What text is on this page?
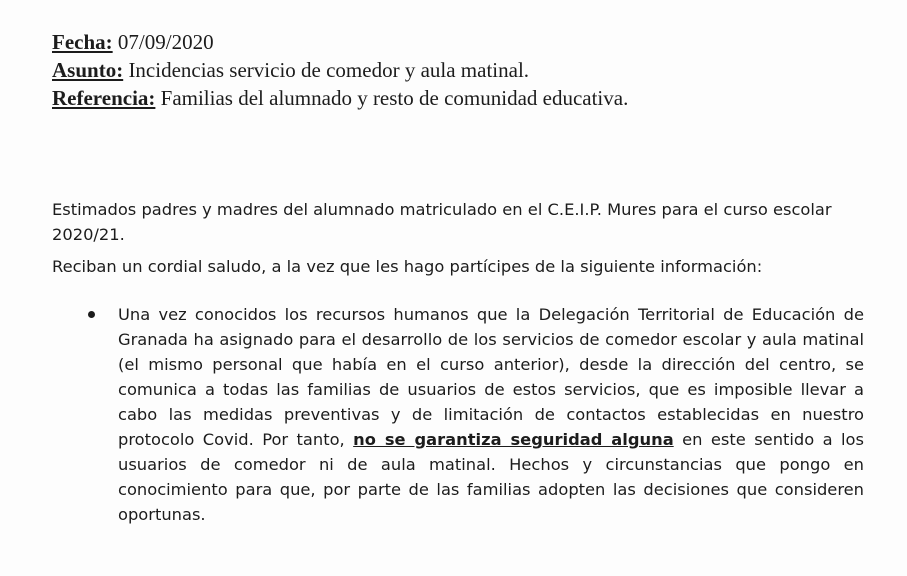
Fecha: 07/09/2020
Asunto: Incidencias servicio de comedor y aula matinal.
Referencia: Familias del alumnado y resto de comunidad educativa.
Estimados padres y madres del alumnado matriculado en el C.E.I.P. Mures para el curso escolar 2020/21.
Reciban un cordial saludo, a la vez que les hago partícipes de la siguiente información:
Una vez conocidos los recursos humanos que la Delegación Territorial de Educación de Granada ha asignado para el desarrollo de los servicios de comedor escolar y aula matinal (el mismo personal que había en el curso anterior), desde la dirección del centro, se comunica a todas las familias de usuarios de estos servicios, que es imposible llevar a cabo las medidas preventivas y de limitación de contactos establecidas en nuestro protocolo Covid. Por tanto, no se garantiza seguridad alguna en este sentido a los usuarios de comedor ni de aula matinal. Hechos y circunstancias que pongo en conocimiento para que, por parte de las familias adopten las decisiones que consideren oportunas.
